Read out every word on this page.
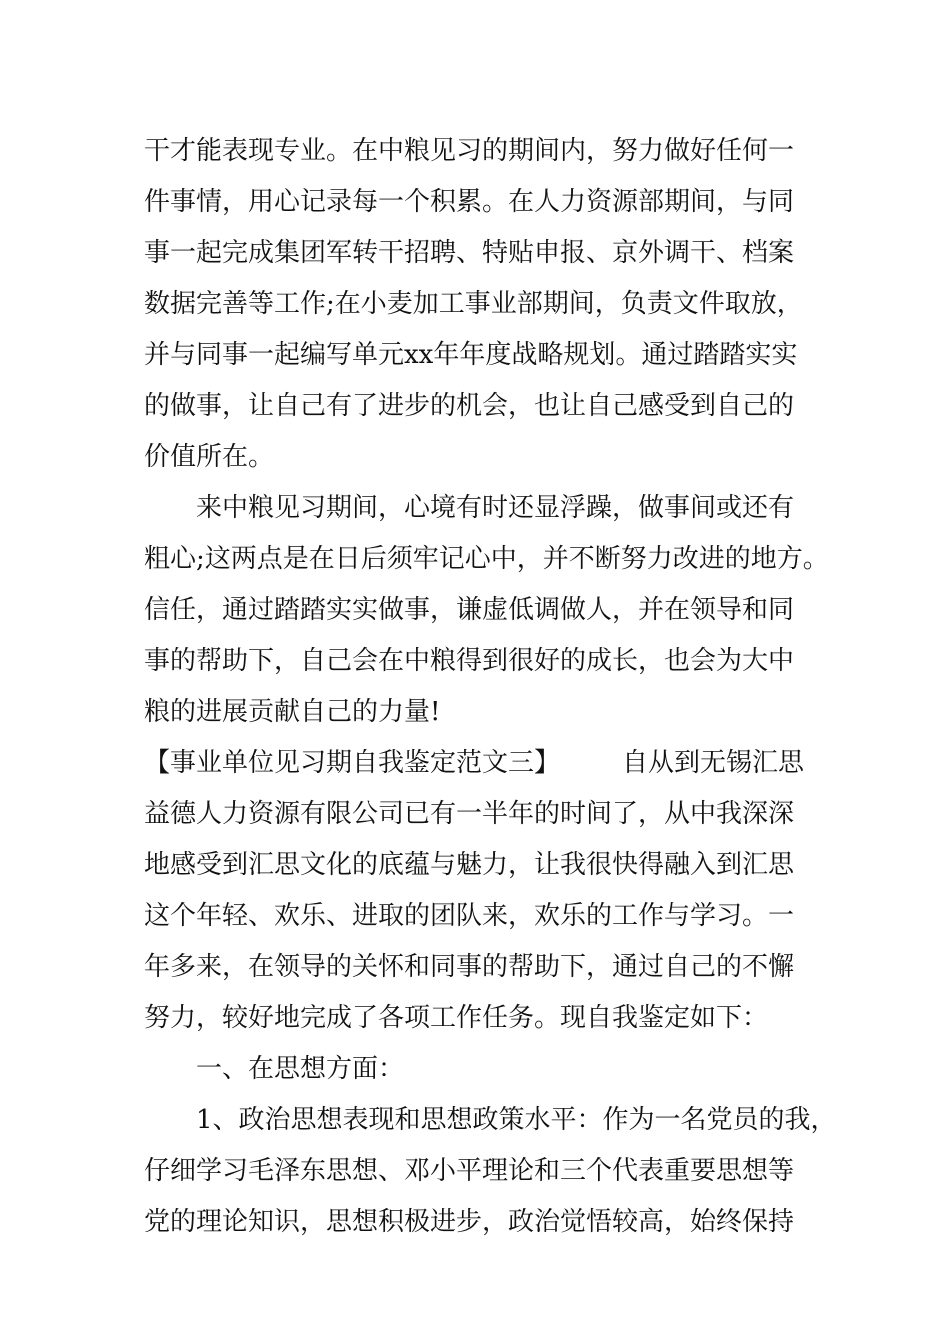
干才能表现专业。在中粮见习的期间内，努力做好任何一
件事情，用心记录每一个积累。在人力资源部期间，与同
事一起完成集团军转干招聘、特贴申报、京外调干、档案
数据完善等工作;在小麦加工事业部期间，负责文件取放，
并与同事一起编写单元xx年年度战略规划。通过踏踏实实
的做事，让自己有了进步的机会，也让自己感受到自己的
价值所在。
来中粮见习期间，心境有时还显浮躁，做事间或还有
粗心;这两点是在日后须牢记心中，并不断努力改进的地方。
信任，通过踏踏实实做事，谦虚低调做人，并在领导和同
事的帮助下，自己会在中粮得到很好的成长，也会为大中
粮的进展贡献自己的力量!
【事业单位见习期自我鉴定范文三】 自从到无锡汇思
益德人力资源有限公司已有一半年的时间了，从中我深深
地感受到汇思文化的底蕴与魅力，让我很快得融入到汇思
这个年轻、欢乐、进取的团队来，欢乐的工作与学习。一
年多来，在领导的关怀和同事的帮助下，通过自己的不懈
努力，较好地完成了各项工作任务。现自我鉴定如下：
一、在思想方面：
1、政治思想表现和思想政策水平：作为一名党员的我，
仔细学习毛泽东思想、邓小平理论和三个代表重要思想等
党的理论知识，思想积极进步，政治觉悟较高，始终保持
